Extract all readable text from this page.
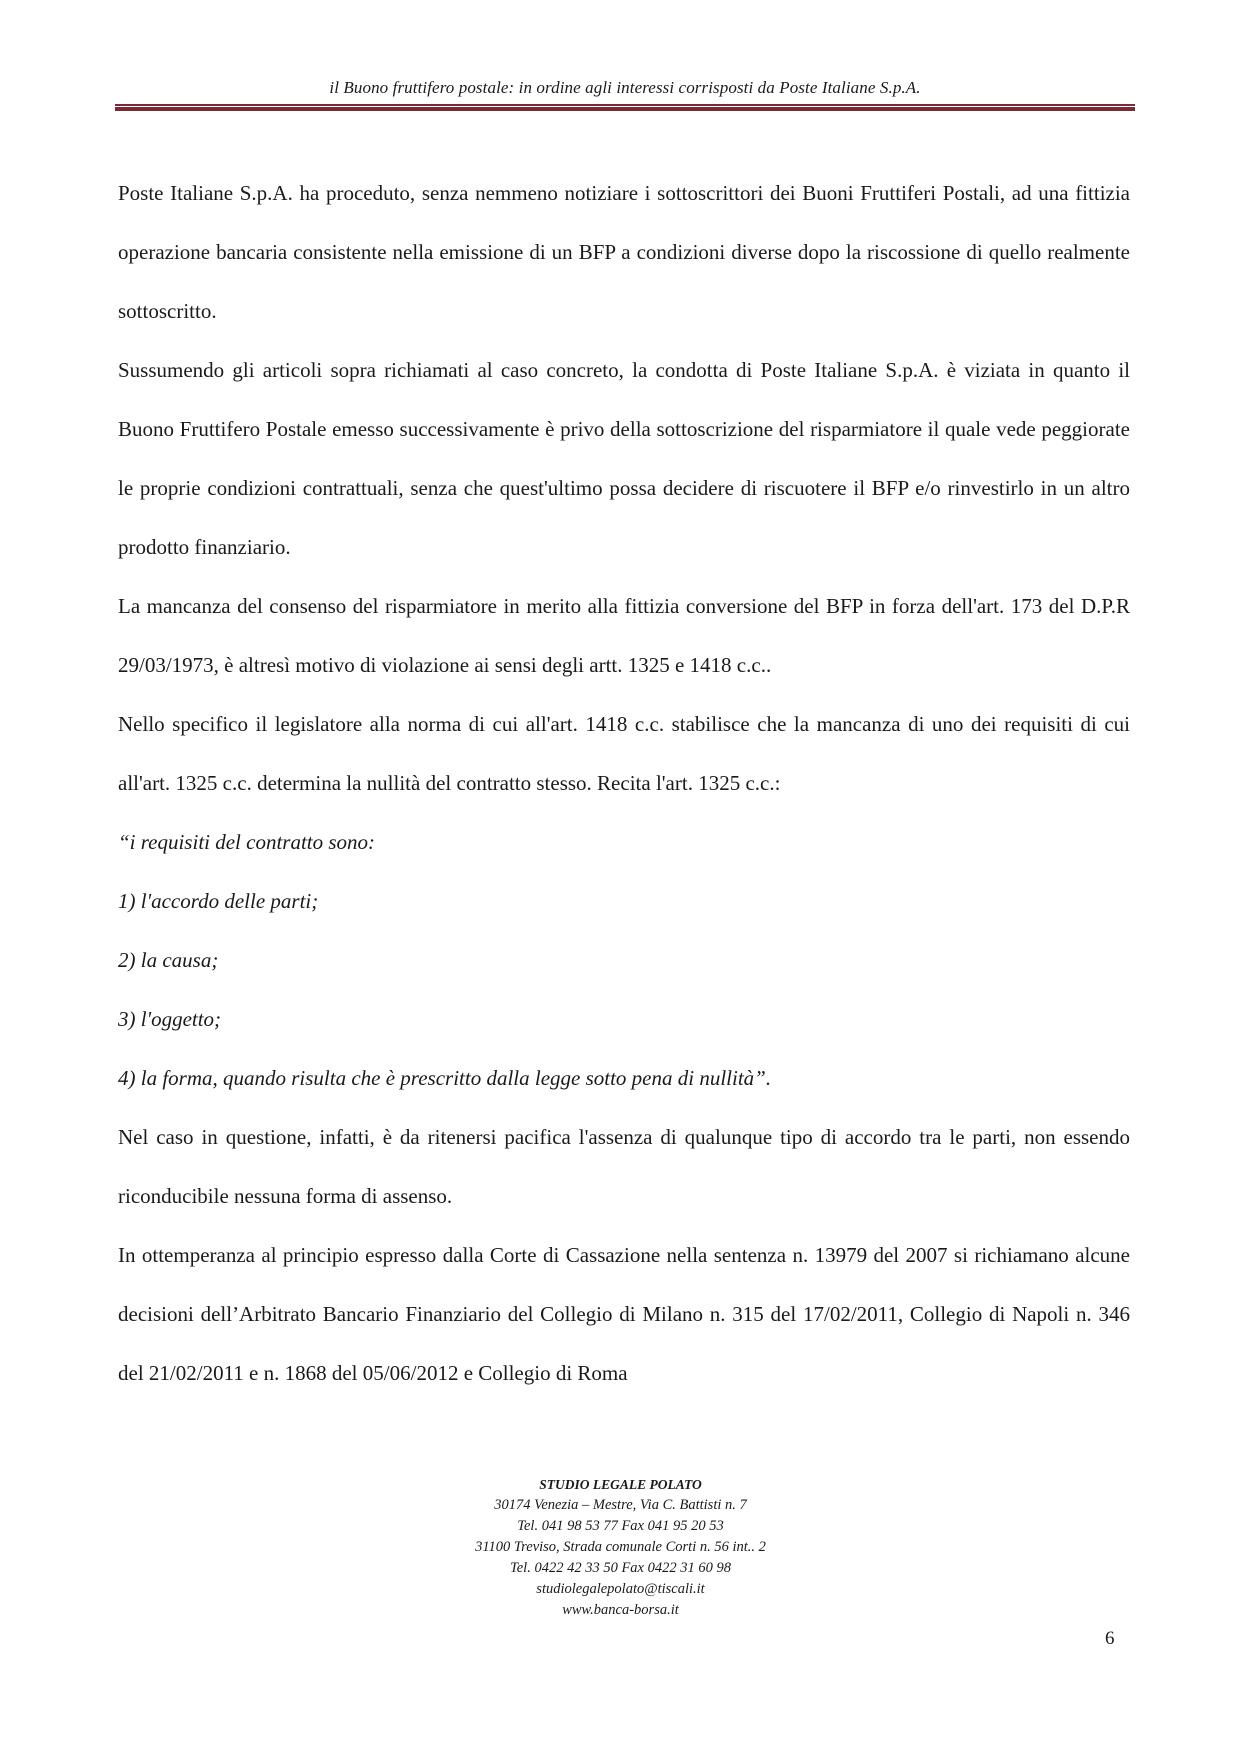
il Buono fruttifero postale: in ordine agli interessi corrisposti da Poste Italiane S.p.A.

Poste Italiane S.p.A. ha proceduto, senza nemmeno notiziare i sottoscrittori dei Buoni Fruttiferi Postali, ad una fittizia operazione bancaria consistente nella emissione di un BFP a condizioni diverse dopo la riscossione di quello realmente sottoscritto.

Sussumendo gli articoli sopra richiamati al caso concreto, la condotta di Poste Italiane S.p.A. è viziata in quanto il Buono Fruttifero Postale emesso successivamente è privo della sottoscrizione del risparmiatore il quale vede peggiorate le proprie condizioni contrattuali, senza che quest'ultimo possa decidere di riscuotere il BFP e/o rinvestirlo in un altro prodotto finanziario.

La mancanza del consenso del risparmiatore in merito alla fittizia conversione del BFP in forza dell'art. 173 del D.P.R 29/03/1973, è altresì motivo di violazione ai sensi degli artt. 1325 e 1418 c.c..

Nello specifico il legislatore alla norma di cui all'art. 1418 c.c. stabilisce che la mancanza di uno dei requisiti di cui all'art. 1325 c.c. determina la nullità del contratto stesso. Recita l'art. 1325 c.c.:

“i requisiti del contratto sono:

1) l'accordo delle parti;

2) la causa;

3) l'oggetto;

4) la forma, quando risulta che è prescritto dalla legge sotto pena di nullità”.

Nel caso in questione, infatti, è da ritenersi pacifica l'assenza di qualunque tipo di accordo tra le parti, non essendo riconducibile nessuna forma di assenso.

In ottemperanza al principio espresso dalla Corte di Cassazione nella sentenza n. 13979 del 2007 si richiamano alcune decisioni dell’Arbitrato Bancario Finanziario del Collegio di Milano n. 315 del 17/02/2011, Collegio di Napoli n. 346 del 21/02/2011 e n. 1868 del 05/06/2012 e Collegio di Roma

STUDIO LEGALE POLATO
30174 Venezia – Mestre, Via C. Battisti n. 7
Tel. 041 98 53 77 Fax 041 95 20 53
31100 Treviso, Strada comunale Corti n. 56 int.. 2
Tel. 0422 42 33 50 Fax 0422 31 60 98
studiolegalepolato@tiscali.it
www.banca-borsa.it
6
